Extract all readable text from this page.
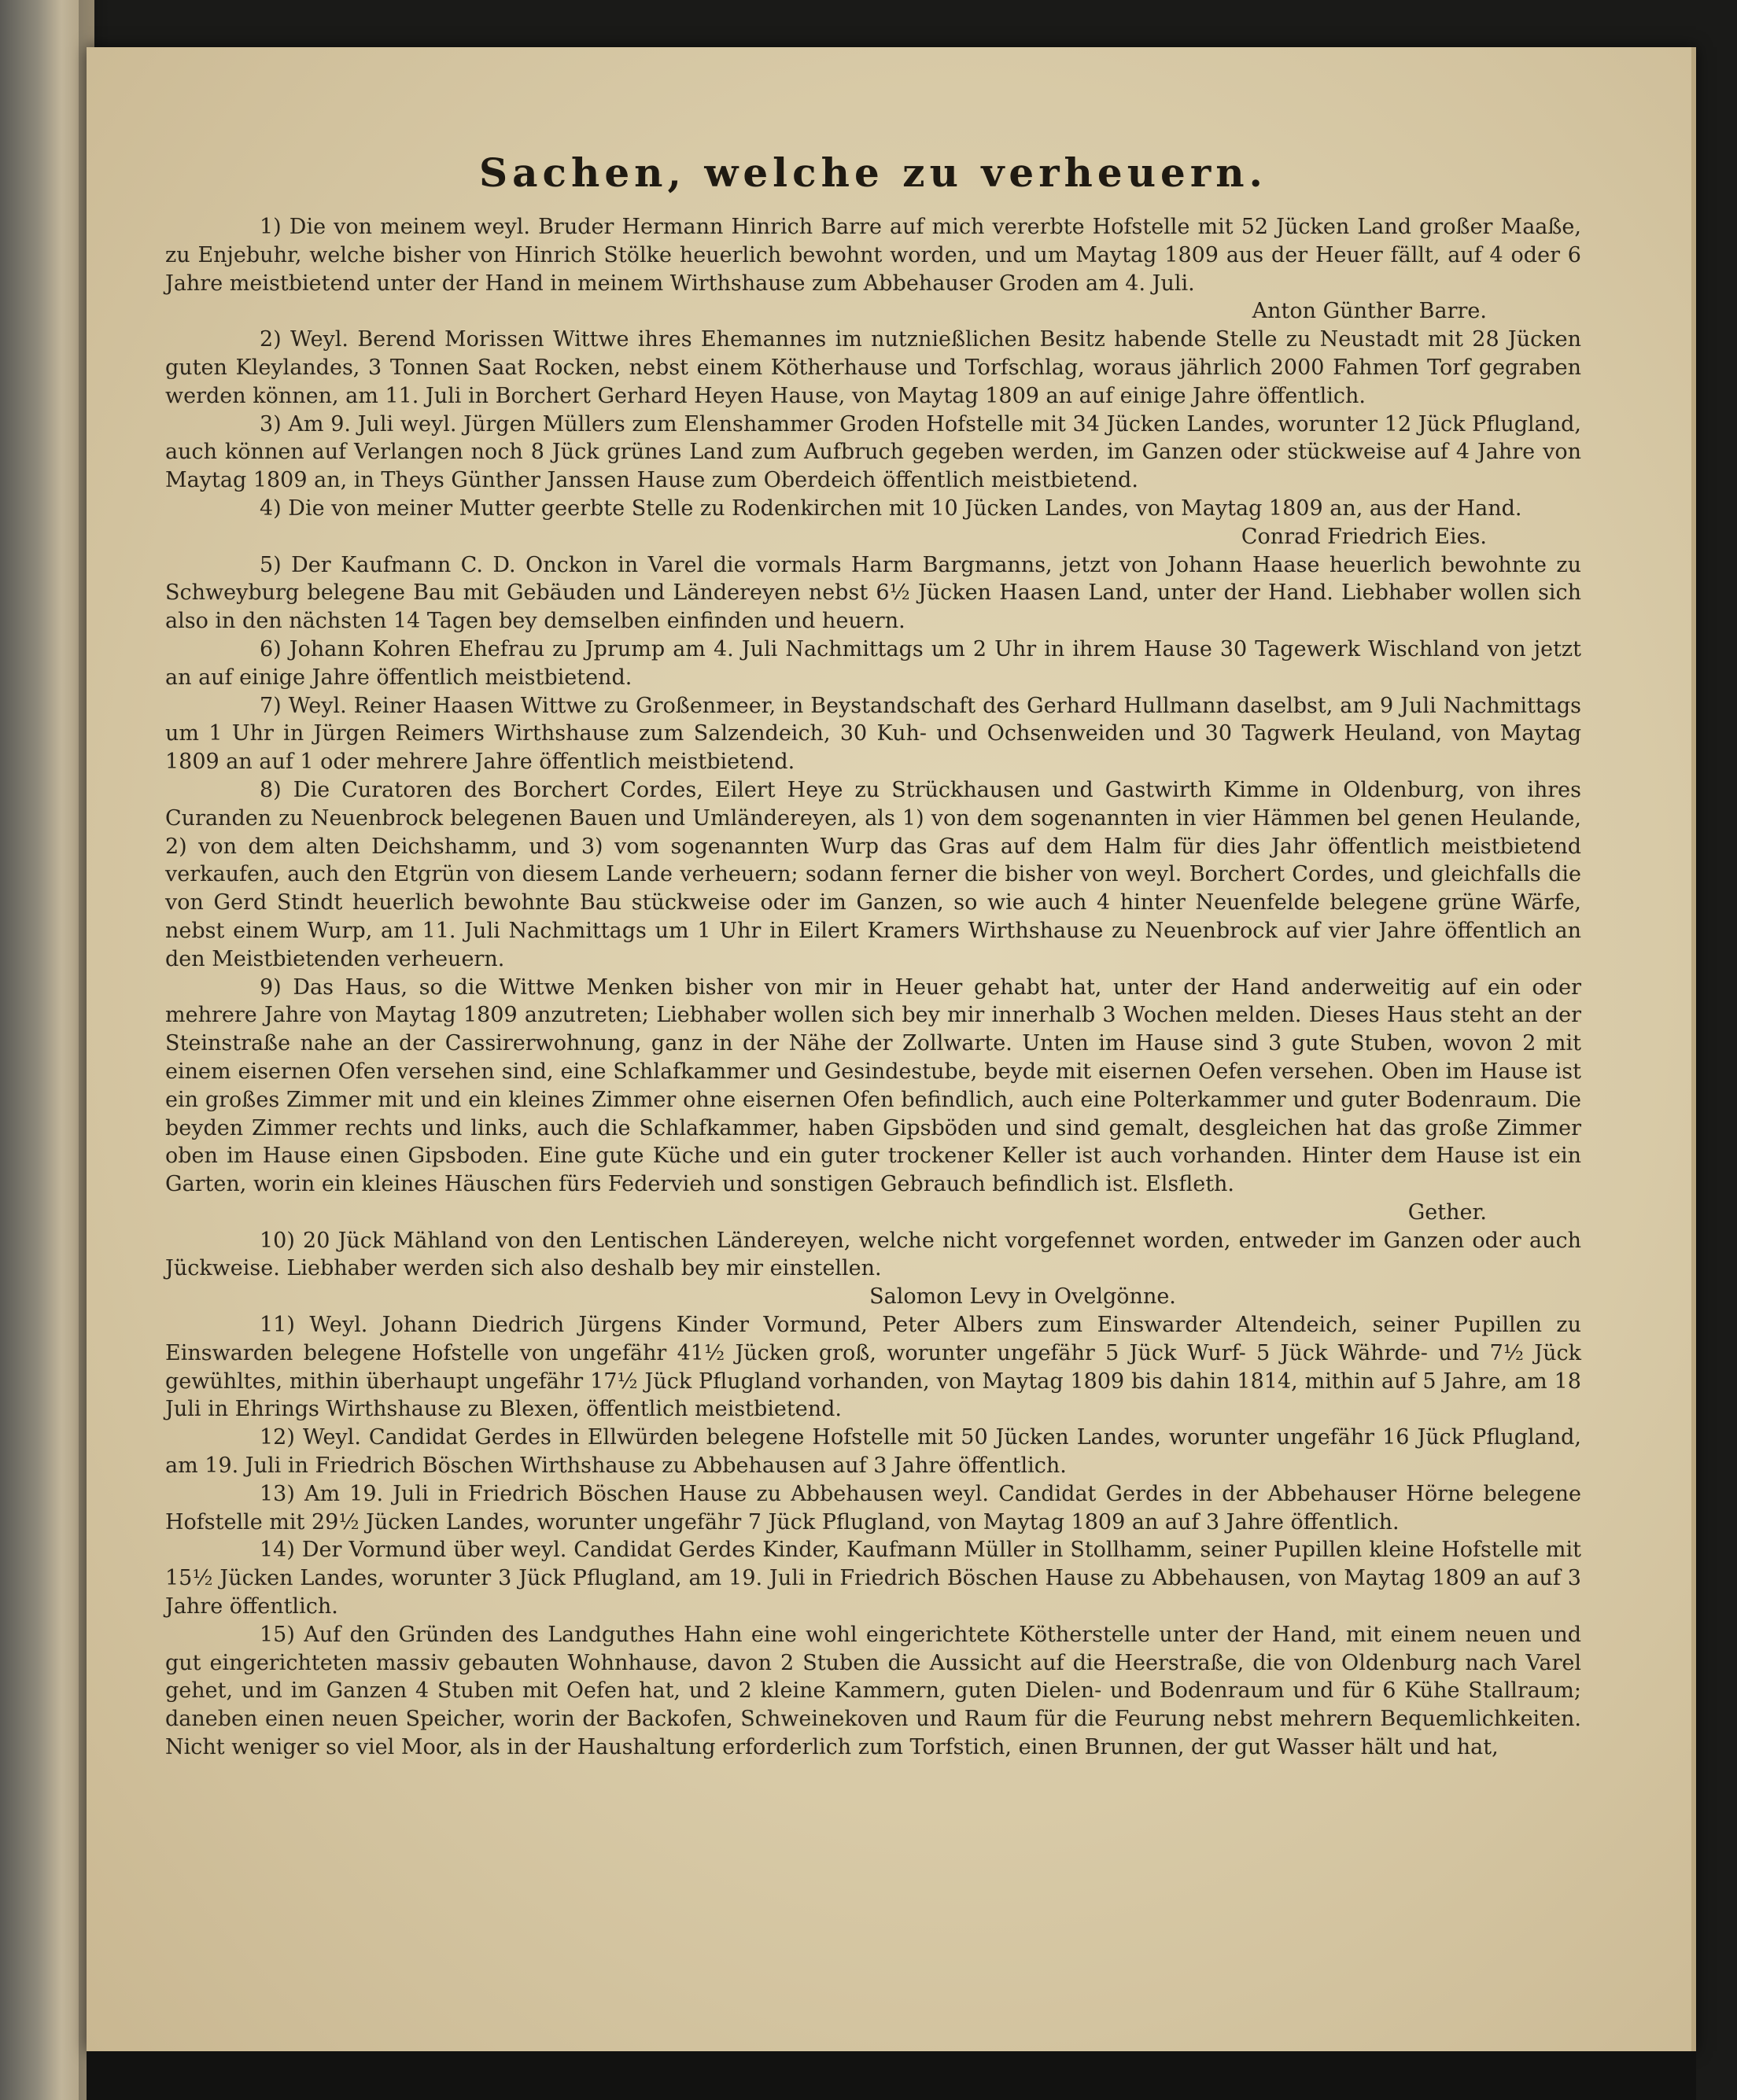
Sachen, welche zu verheuern.

1) Die von meinem weyl. Bruder Hermann Hinrich Barre auf mich vererbte Hofstelle mit 52 Jücken Land großer Maaße, zu Enjebuhr, welche bisher von Hinrich Stölke heuerlich bewohnt worden, und um Maytag 1809 aus der Heuer fällt, auf 4 oder 6 Jahre meistbietend unter der Hand in meinem Wirthshause zum Abbehauser Groden am 4. Juli.

Anton Günther Barre.

2) Weyl. Berend Morissen Wittwe ihres Ehemannes im nutznießlichen Besitz habende Stelle zu Neustadt mit 28 Jücken guten Kleylandes, 3 Tonnen Saat Rocken, nebst einem Kötherhause und Torfschlag, woraus jährlich 2000 Fahmen Torf gegraben werden können, am 11. Juli in Borchert Gerhard Heyen Hause, von Maytag 1809 an auf einige Jahre öffentlich.

3) Am 9. Juli weyl. Jürgen Müllers zum Elenshammer Groden Hofstelle mit 34 Jücken Landes, worunter 12 Jück Pflugland, auch können auf Verlangen noch 8 Jück grünes Land zum Aufbruch gegeben werden, im Ganzen oder stückweise auf 4 Jahre von Maytag 1809 an, in Theys Günther Janssen Hause zum Oberdeich öffentlich meistbietend.

4) Die von meiner Mutter geerbte Stelle zu Rodenkirchen mit 10 Jücken Landes, von Maytag 1809 an, aus der Hand.

Conrad Friedrich Eies.

5) Der Kaufmann C. D. Onckon in Varel die vormals Harm Bargmanns, jetzt von Johann Haase heuerlich bewohnte zu Schweyburg belegene Bau mit Gebäuden und Ländereyen nebst 6½ Jücken Haasen Land, unter der Hand. Liebhaber wollen sich also in den nächsten 14 Tagen bey demselben einfinden und heuern.

6) Johann Kohren Ehefrau zu Jprump am 4. Juli Nachmittags um 2 Uhr in ihrem Hause 30 Tagewerk Wischland von jetzt an auf einige Jahre öffentlich meistbietend.

7) Weyl. Reiner Haasen Wittwe zu Großenmeer, in Beystandschaft des Gerhard Hullmann daselbst, am 9 Juli Nachmittags um 1 Uhr in Jürgen Reimers Wirthshause zum Salzendeich, 30 Kuh- und Ochsenweiden und 30 Tagwerk Heuland, von Maytag 1809 an auf 1 oder mehrere Jahre öffentlich meistbietend.

8) Die Curatoren des Borchert Cordes, Eilert Heye zu Strückhausen und Gastwirth Kimme in Oldenburg, von ihres Curanden zu Neuenbrock belegenen Bauen und Umländereyen, als 1) von dem sogenannten in vier Hämmen bel genen Heulande, 2) von dem alten Deichshamm, und 3) vom sogenannten Wurp das Gras auf dem Halm für dies Jahr öffentlich meistbietend verkaufen, auch den Etgrün von diesem Lande verheuern; sodann ferner die bisher von weyl. Borchert Cordes, und gleichfalls die von Gerd Stindt heuerlich bewohnte Bau stückweise oder im Ganzen, so wie auch 4 hinter Neuenfelde belegene grüne Wärfe, nebst einem Wurp, am 11. Juli Nachmittags um 1 Uhr in Eilert Kramers Wirthshause zu Neuenbrock auf vier Jahre öffentlich an den Meistbietenden verheuern.

9) Das Haus, so die Wittwe Menken bisher von mir in Heuer gehabt hat, unter der Hand anderweitig auf ein oder mehrere Jahre von Maytag 1809 anzutreten; Liebhaber wollen sich bey mir innerhalb 3 Wochen melden. Dieses Haus steht an der Steinstraße nahe an der Cassirerwohnung, ganz in der Nähe der Zollwarte. Unten im Hause sind 3 gute Stuben, wovon 2 mit einem eisernen Ofen versehen sind, eine Schlafkammer und Gesindestube, beyde mit eisernen Oefen versehen. Oben im Hause ist ein großes Zimmer mit und ein kleines Zimmer ohne eisernen Ofen befindlich, auch eine Polterkammer und guter Bodenraum. Die beyden Zimmer rechts und links, auch die Schlafkammer, haben Gipsböden und sind gemalt, desgleichen hat das große Zimmer oben im Hause einen Gipsboden. Eine gute Küche und ein guter trockener Keller ist auch vorhanden. Hinter dem Hause ist ein Garten, worin ein kleines Häuschen fürs Federvieh und sonstigen Gebrauch befindlich ist. Elsfleth.

Gether.

10) 20 Jück Mähland von den Lentischen Ländereyen, welche nicht vorgefennet worden, entweder im Ganzen oder auch Jückweise. Liebhaber werden sich also deshalb bey mir einstellen.

Salomon Levy in Ovelgönne.

11) Weyl. Johann Diedrich Jürgens Kinder Vormund, Peter Albers zum Einswarder Altendeich, seiner Pupillen zu Einswarden belegene Hofstelle von ungefähr 41½ Jücken groß, worunter ungefähr 5 Jück Wurf- 5 Jück Währde- und 7½ Jück gewühltes, mithin überhaupt ungefähr 17½ Jück Pflugland vorhanden, von Maytag 1809 bis dahin 1814, mithin auf 5 Jahre, am 18 Juli in Ehrings Wirthshause zu Blexen, öffentlich meistbietend.

12) Weyl. Candidat Gerdes in Ellwürden belegene Hofstelle mit 50 Jücken Landes, worunter ungefähr 16 Jück Pflugland, am 19. Juli in Friedrich Böschen Wirthshause zu Abbehausen auf 3 Jahre öffentlich.

13) Am 19. Juli in Friedrich Böschen Hause zu Abbehausen weyl. Candidat Gerdes in der Abbehauser Hörne belegene Hofstelle mit 29½ Jücken Landes, worunter ungefähr 7 Jück Pflugland, von Maytag 1809 an auf 3 Jahre öffentlich.

14) Der Vormund über weyl. Candidat Gerdes Kinder, Kaufmann Müller in Stollhamm, seiner Pupillen kleine Hofstelle mit 15½ Jücken Landes, worunter 3 Jück Pflugland, am 19. Juli in Friedrich Böschen Hause zu Abbehausen, von Maytag 1809 an auf 3 Jahre öffentlich.

15) Auf den Gründen des Landguthes Hahn eine wohl eingerichtete Kötherstelle unter der Hand, mit einem neuen und gut eingerichteten massiv gebauten Wohnhause, davon 2 Stuben die Aussicht auf die Heerstraße, die von Oldenburg nach Varel gehet, und im Ganzen 4 Stuben mit Oefen hat, und 2 kleine Kammern, guten Dielen- und Bodenraum und für 6 Kühe Stallraum; daneben einen neuen Speicher, worin der Backofen, Schweinekoven und Raum für die Feurung nebst mehrern Bequemlichkeiten. Nicht weniger so viel Moor, als in der Haushaltung erforderlich zum Torfstich, einen Brunnen, der gut Wasser hält und hat,
